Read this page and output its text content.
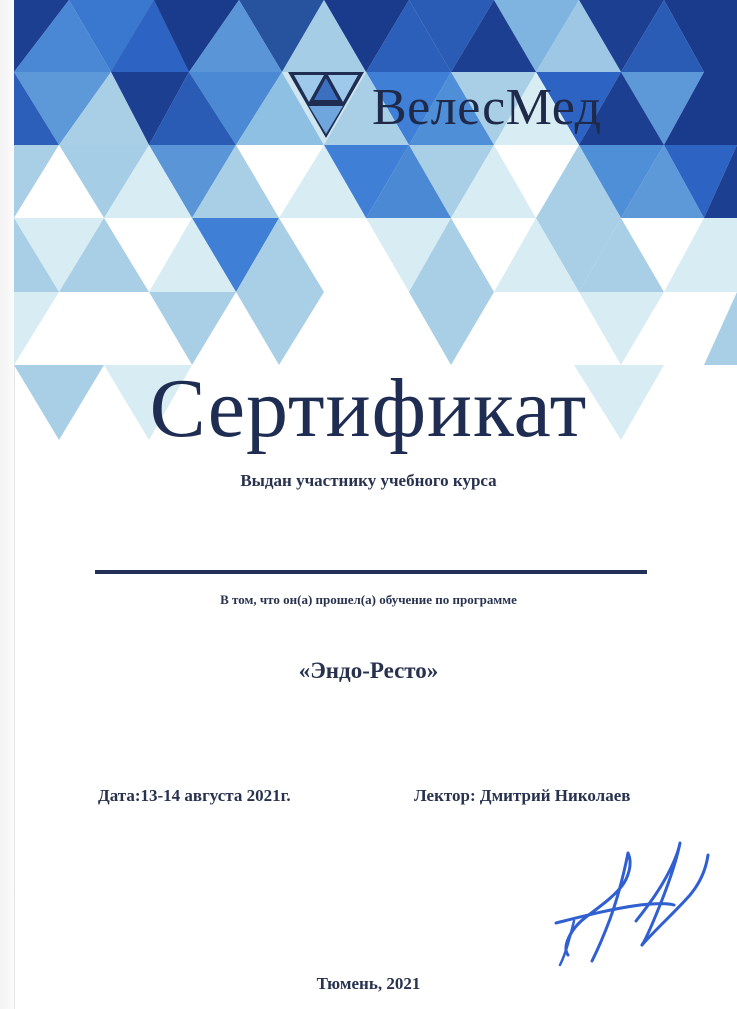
ВелесМед
Сертификат
Выдан участнику учебного курса
В том, что он(а) прошел(а) обучение по программе
«Эндо-Ресто»
Дата:13-14 августа 2021г.	Лектор: Дмитрий Николаев
Тюмень, 2021
